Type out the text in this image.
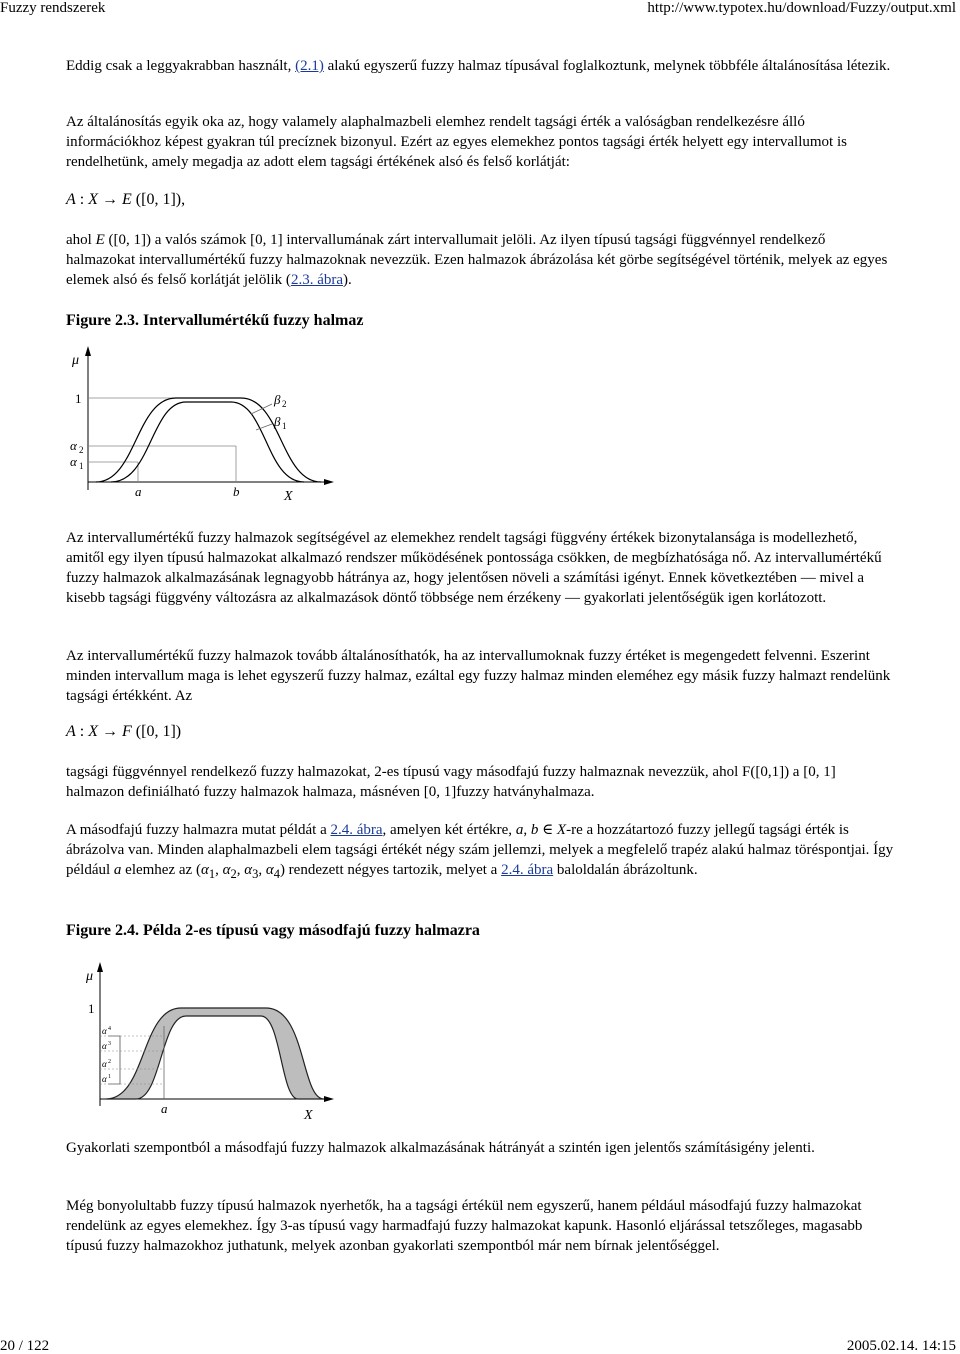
Fuzzy rendszerek	http://www.typotex.hu/download/Fuzzy/output.xml

Eddig csak a leggyakrabban használt, (2.1) alakú egyszerű fuzzy halmaz típusával foglalkoztunk, melynek többféle általánosítása létezik.

Az általánosítás egyik oka az, hogy valamely alaphalmazbeli elemhez rendelt tagsági érték a valóságban rendelkezésre álló információkhoz képest gyakran túl precíznek bizonyul. Ezért az egyes elemekhez pontos tagsági érték helyett egy intervallumot is rendelhetünk, amely megadja az adott elem tagsági értékének alsó és felső korlátját:

A : X → E ([0, 1]),

ahol E ([0, 1]) a valós számok [0, 1] intervallumának zárt intervallumait jelöli. Az ilyen típusú tagsági függvénnyel rendelkező halmazokat intervallumértékű fuzzy halmazoknak nevezzük. Ezen halmazok ábrázolása két görbe segítségével történik, melyek az egyes elemek alsó és felső korlátját jelölik (2.3. ábra).

Figure 2.3. Intervallumértékű fuzzy halmaz
μ
1
α 2
α 1
β 2
β 1
a	b	X

Az intervallumértékű fuzzy halmazok segítségével az elemekhez rendelt tagsági függvény értékek bizonytalansága is modellezhető, amitől egy ilyen típusú halmazokat alkalmazó rendszer működésének pontossága csökken, de megbízhatósága nő. Az intervallumértékű fuzzy halmazok alkalmazásának legnagyobb hátránya az, hogy jelentősen növeli a számítási igényt. Ennek következtében — mivel a kisebb tagsági függvény változásra az alkalmazások döntő többsége nem érzékeny — gyakorlati jelentőségük igen korlátozott.

Az intervallumértékű fuzzy halmazok tovább általánosíthatók, ha az intervallumoknak fuzzy értéket is megengedett felvenni. Eszerint minden intervallum maga is lehet egyszerű fuzzy halmaz, ezáltal egy fuzzy halmaz minden eleméhez egy másik fuzzy halmazt rendelünk tagsági értékként. Az

A : X → F ([0, 1])

tagsági függvénnyel rendelkező fuzzy halmazokat, 2-es típusú vagy másodfajú fuzzy halmaznak nevezzük, ahol F([0,1]) a [0, 1] halmazon definiálható fuzzy halmazok halmaza, másnéven [0, 1]fuzzy hatványhalmaza.

A másodfajú fuzzy halmazra mutat példát a 2.4. ábra, amelyen két értékre, a, b ∈ X-re a hozzátartozó fuzzy jellegű tagsági érték is ábrázolva van. Minden alaphalmazbeli elem tagsági értékét négy szám jellemzi, melyek a megfelelő trapéz alakú halmaz töréspontjai. Így például a elemhez az ($\alpha_1$, $\alpha_2$, $\alpha_3$, $\alpha_4$) rendezett négyes tartozik, melyet a 2.4. ábra baloldalán ábrázoltunk.

Figure 2.4. Példa 2-es típusú vagy másodfajú fuzzy halmazra
μ
1
α 4
α 3
α 2
α 1
a	X

Gyakorlati szempontból a másodfajú fuzzy halmazok alkalmazásának hátrányát a szintén igen jelentős számításigény jelenti.

Még bonyolultabb fuzzy típusú halmazok nyerhetők, ha a tagsági értékül nem egyszerű, hanem például másodfajú fuzzy halmazokat rendelünk az egyes elemekhez. Így 3-as típusú vagy harmadfajú fuzzy halmazokat kapunk. Hasonló eljárással tetszőleges, magasabb típusú fuzzy halmazokhoz juthatunk, melyek azonban gyakorlati szempontból már nem bírnak jelentőséggel.

20 / 122	2005.02.14. 14:15
